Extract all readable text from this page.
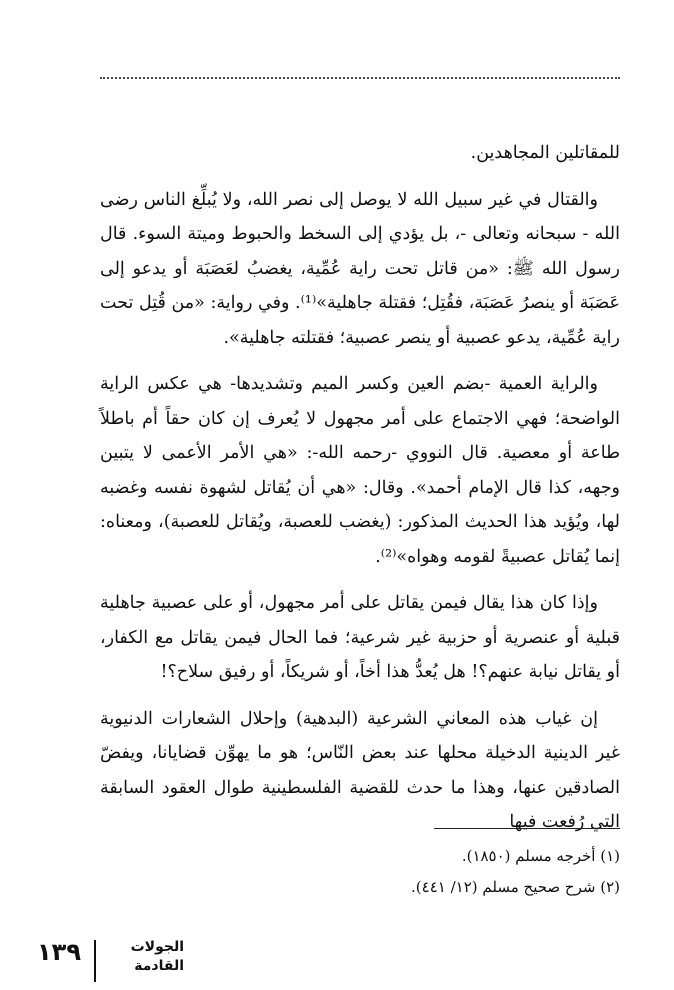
للمقاتلين المجاهدين.

والقتال في غير سبيل الله لا يوصل إلى نصر الله، ولا يُبلِّغ الناس رضى الله - سبحانه وتعالى -، بل يؤدي إلى السخط والحبوط وميتة السوء. قال رسول الله ﷺ: «من قاتل تحت راية عُمِّية، يغضبُ لعَصَبَة أو يدعو إلى عَصَبَة أو ينصرُ عَصَبَة، فقُتِل؛ فقتلة جاهلية»⁽¹⁾. وفي رواية: «من قُتِل تحت راية عُمِّية، يدعو عصبية أو ينصر عصبية؛ فقتلته جاهلية».

والراية العمية -بضم العين وكسر الميم وتشديدها- هي عكس الراية الواضحة؛ فهي الاجتماع على أمر مجهول لا يُعرف إن كان حقاً أم باطلاً طاعة أو معصية. قال النووي -رحمه الله-: «هي الأمر الأعمى لا يتبين وجهه، كذا قال الإمام أحمد». وقال: «هي أن يُقاتل لشهوة نفسه وغضبه لها، ويُؤيد هذا الحديث المذكور: (يغضب للعصبة، ويُقاتل للعصبة)، ومعناه: إنما يُقاتل عصبيةً لقومه وهواه»⁽²⁾.

وإذا كان هذا يقال فيمن يقاتل على أمر مجهول، أو على عصبية جاهلية قبلية أو عنصرية أو حزبية غير شرعية؛ فما الحال فيمن يقاتل مع الكفار، أو يقاتل نيابة عنهم؟! هل يُعدُّ هذا أخاً، أو شريكاً، أو رفيق سلاح؟!

إن غياب هذه المعاني الشرعية (البدهية) وإحلال الشعارات الدنيوية غير الدينية الدخيلة محلها عند بعض النّاس؛ هو ما يهوِّن قضايانا، ويفضّ الصادقين عنها، وهذا ما حدث للقضية الفلسطينية طوال العقود السابقة التي رُفعت فيها

(١) أخرجه مسلم (١٨٥٠).

(٢) شرح صحيح مسلم (١٢/ ٤٤١).

الجولات
القادمة
١٣٩
